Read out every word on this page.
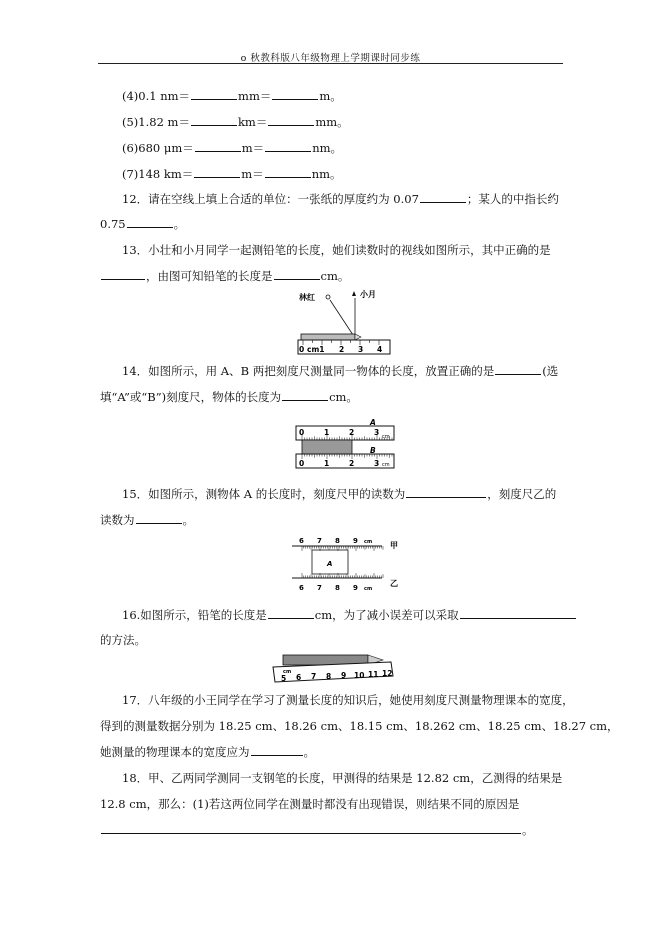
o 秋教科版八年级物理上学期课时同步练
(4)0.1 nm＝	mm＝	m。
(5)1.82 m＝	km＝	mm。
(6)680 μm＝	m＝	nm。
(7)148 km＝	m＝	nm。
12．请在空线上填上合适的单位：一张纸的厚度约为 0.07	；某人的中指长约
0.75	。
13．小壮和小月同学一起测铅笔的长度，她们读数时的视线如图所示，其中正确的是
，由图可知铅笔的长度是	cm。
林红	小月
0 cm1 2 3 4
14．如图所示，用 A、B 两把刻度尺测量同一物体的长度，放置正确的是	(选
填“A”或“B”)刻度尺，物体的长度为	cm。
0	1	2	3
0	1	2	3
A
B
cm
cm
15．如图所示，测物体 A 的长度时，刻度尺甲的读数为	，刻度尺乙的
读数为	。
6 7 8 9 cm
6 7 8 9 cm
A
甲
乙
16.如图所示，铅笔的长度是	cm，为了减小误差可以采取
的方法。
5 6 7 8 9 10 11 12
cm
17．八年级的小王同学在学习了测量长度的知识后，她使用刻度尺测量物理课本的宽度，
得到的测量数据分别为 18.25 cm、18.26 cm、18.15 cm、18.262 cm、18.25 cm、18.27 cm，
她测量的物理课本的宽度应为	。
18．甲、乙两同学测同一支钢笔的长度，甲测得的结果是 12.82 cm，乙测得的结果是
12.8 cm，那么：(1)若这两位同学在测量时都没有出现错误，则结果不同的原因是
。
